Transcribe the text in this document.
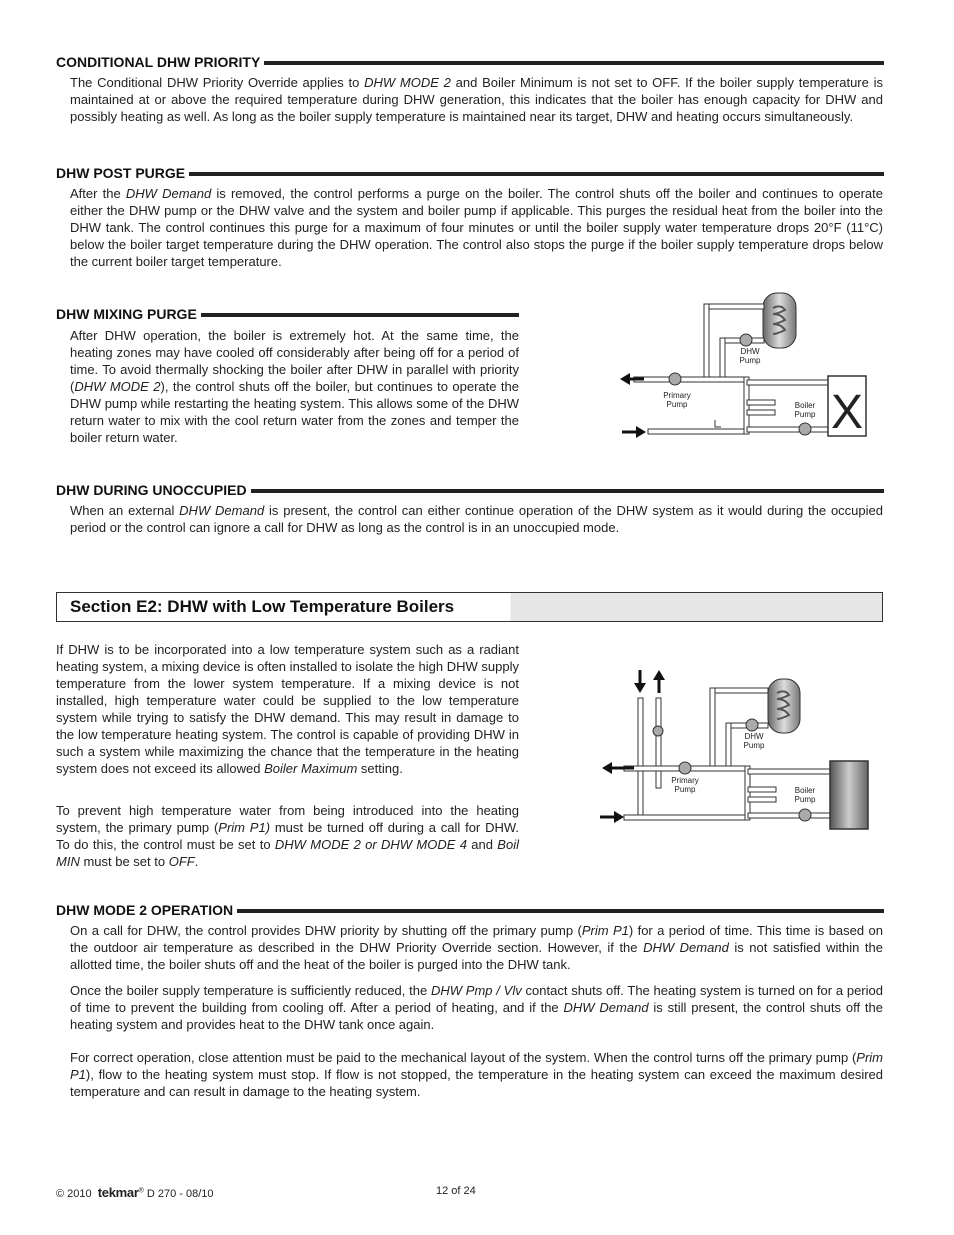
CONDITIONAL DHW PRIORITY

The Conditional DHW Priority Override applies to DHW MODE 2 and Boiler Minimum is not set to OFF. If the boiler supply temperature is maintained at or above the required temperature during DHW generation, this indicates that the boiler has enough capacity for DHW and possibly heating as well. As long as the boiler supply temperature is maintained near its target, DHW and heating occurs simultaneously.

DHW POST PURGE

After the DHW Demand is removed, the control performs a purge on the boiler. The control shuts off the boiler and continues to operate either the DHW pump or the DHW valve and the system and boiler pump if applicable. This purges the residual heat from the boiler into the DHW tank. The control continues this purge for a maximum of four minutes or until the boiler supply water temperature drops 20°F (11°C) below the boiler target temperature during the DHW operation. The control also stops the purge if the boiler supply temperature drops below the current boiler target temperature.

DHW MIXING PURGE

After DHW operation, the boiler is extremely hot. At the same time, the heating zones may have cooled off considerably after being off for a period of time. To avoid thermally shocking the boiler after DHW in parallel with priority (DHW MODE 2), the control shuts off the boiler, but continues to operate the DHW pump while restarting the heating system. This allows some of the DHW return water to mix with the cool return water from the zones and temper the boiler return water.	X
DHW
Pump
Primary
Pump	Boiler
Pump
DHW DURING UNOCCUPIED

When an external DHW Demand is present, the control can either continue operation of the DHW system as it would during the occupied period or the control can ignore a call for DHW as long as the control is in an unoccupied mode.

Section E2: DHW with Low Temperature Boilers

If DHW is to be incorporated into a low temperature system such as a radiant heating system, a mixing device is often installed to isolate the high DHW supply temperature from the lower system temperature. If a mixing device is not installed, high temperature water could be supplied to the low temperature system while trying to satisfy the DHW demand. This may result in damage to the low temperature heating system. The control is capable of providing DHW in such a system while maximizing the chance that the temperature in the heating system does not exceed its allowed Boiler Maximum setting.

To prevent high temperature water from being introduced into the heating system, the primary pump (Prim P1) must be turned off during a call for DHW. To do this, the control must be set to DHW MODE 2 or DHW MODE 4 and Boil MIN must be set to OFF.

DHW
Pump
Primary
Pump	Boiler
Pump
DHW MODE 2 OPERATION

On a call for DHW, the control provides DHW priority by shutting off the primary pump (Prim P1) for a period of time. This time is based on the outdoor air temperature as described in the DHW Priority Override section. However, if the DHW Demand is not satisfied within the allotted time, the boiler shuts off and the heat of the boiler is purged into the DHW tank.

Once the boiler supply temperature is sufficiently reduced, the DHW Pmp / Vlv contact shuts off. The heating system is turned on for a period of time to prevent the building from cooling off. After a period of heating, and if the DHW Demand is still present, the control shuts off the heating system and provides heat to the DHW tank once again.

For correct operation, close attention must be paid to the mechanical layout of the system. When the control turns off the primary pump (Prim P1), flow to the heating system must stop. If flow is not stopped, the temperature in the heating system can exceed the maximum desired temperature and can result in damage to the heating system.

© 2010 tekmar® D 270 - 08/10	12 of 24
